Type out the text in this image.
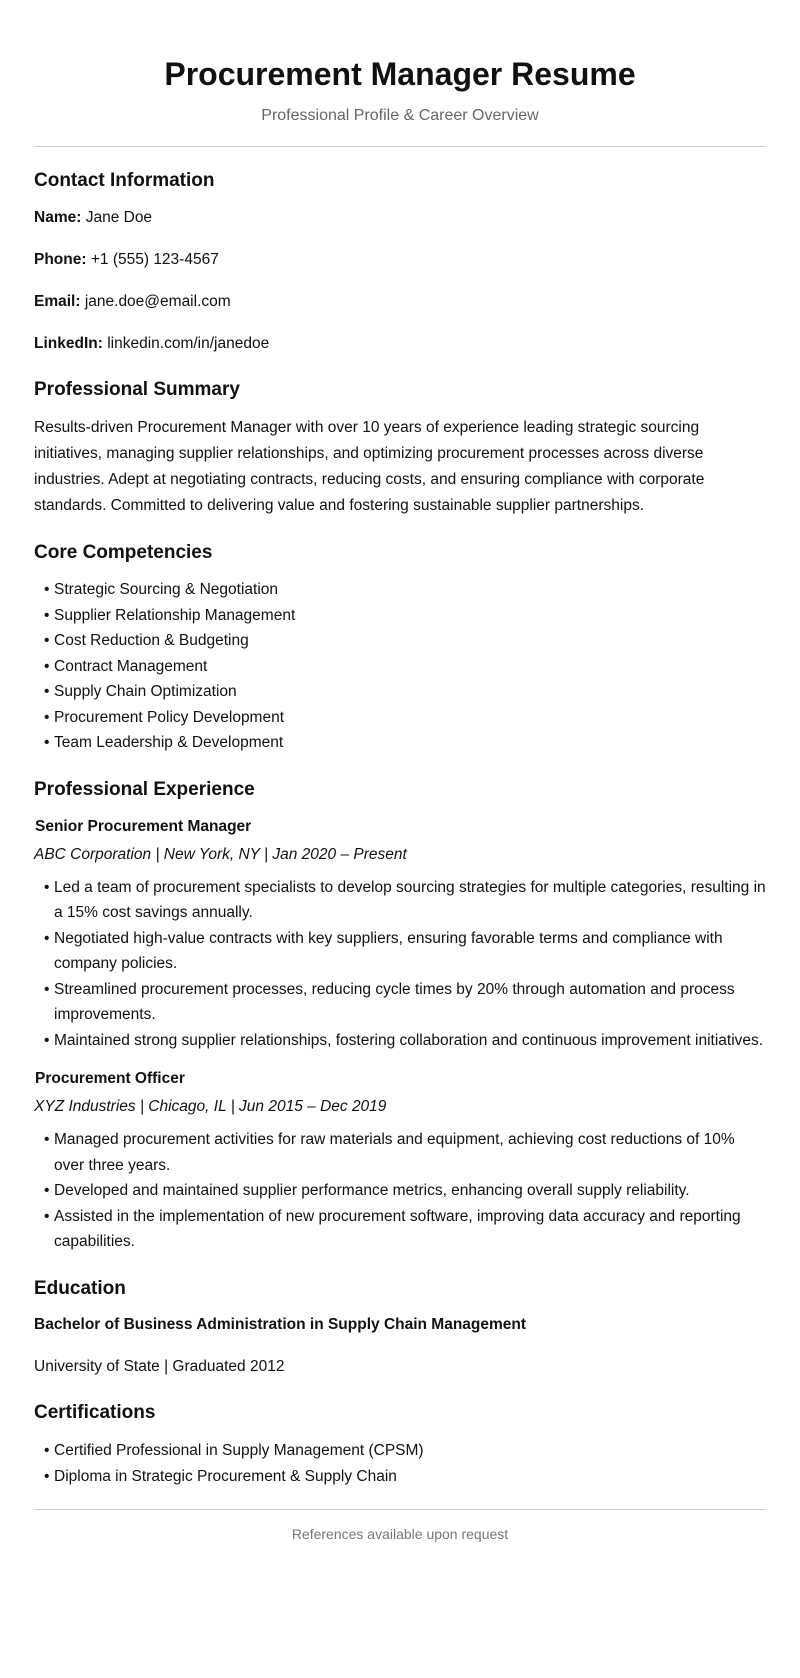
Procurement Manager Resume

Professional Profile & Career Overview

Contact Information

Name: Jane Doe

Phone: +1 (555) 123-4567

Email: jane.doe@email.com

LinkedIn: linkedin.com/in/janedoe

Professional Summary

Results-driven Procurement Manager with over 10 years of experience leading strategic sourcing initiatives, managing supplier relationships, and optimizing procurement processes across diverse industries. Adept at negotiating contracts, reducing costs, and ensuring compliance with corporate standards. Committed to delivering value and fostering sustainable supplier partnerships.

Core Competencies
• Strategic Sourcing & Negotiation
• Supplier Relationship Management
• Cost Reduction & Budgeting
• Contract Management
• Supply Chain Optimization
• Procurement Policy Development
• Team Leadership & Development
Professional Experience

Senior Procurement Manager

ABC Corporation | New York, NY | Jan 2020 – Present

• Led a team of procurement specialists to develop sourcing strategies for multiple categories, resulting in a 15% cost savings annually.
• Negotiated high-value contracts with key suppliers, ensuring favorable terms and compliance with company policies.
• Streamlined procurement processes, reducing cycle times by 20% through automation and process improvements.
• Maintained strong supplier relationships, fostering collaboration and continuous improvement initiatives.

Procurement Officer

XYZ Industries | Chicago, IL | Jun 2015 – Dec 2019

• Managed procurement activities for raw materials and equipment, achieving cost reductions of 10% over three years.
• Developed and maintained supplier performance metrics, enhancing overall supply reliability.
• Assisted in the implementation of new procurement software, improving data accuracy and reporting capabilities.
Education

Bachelor of Business Administration in Supply Chain Management

University of State | Graduated 2012

Certifications
• Certified Professional in Supply Management (CPSM)
• Diploma in Strategic Procurement & Supply Chain

References available upon request
